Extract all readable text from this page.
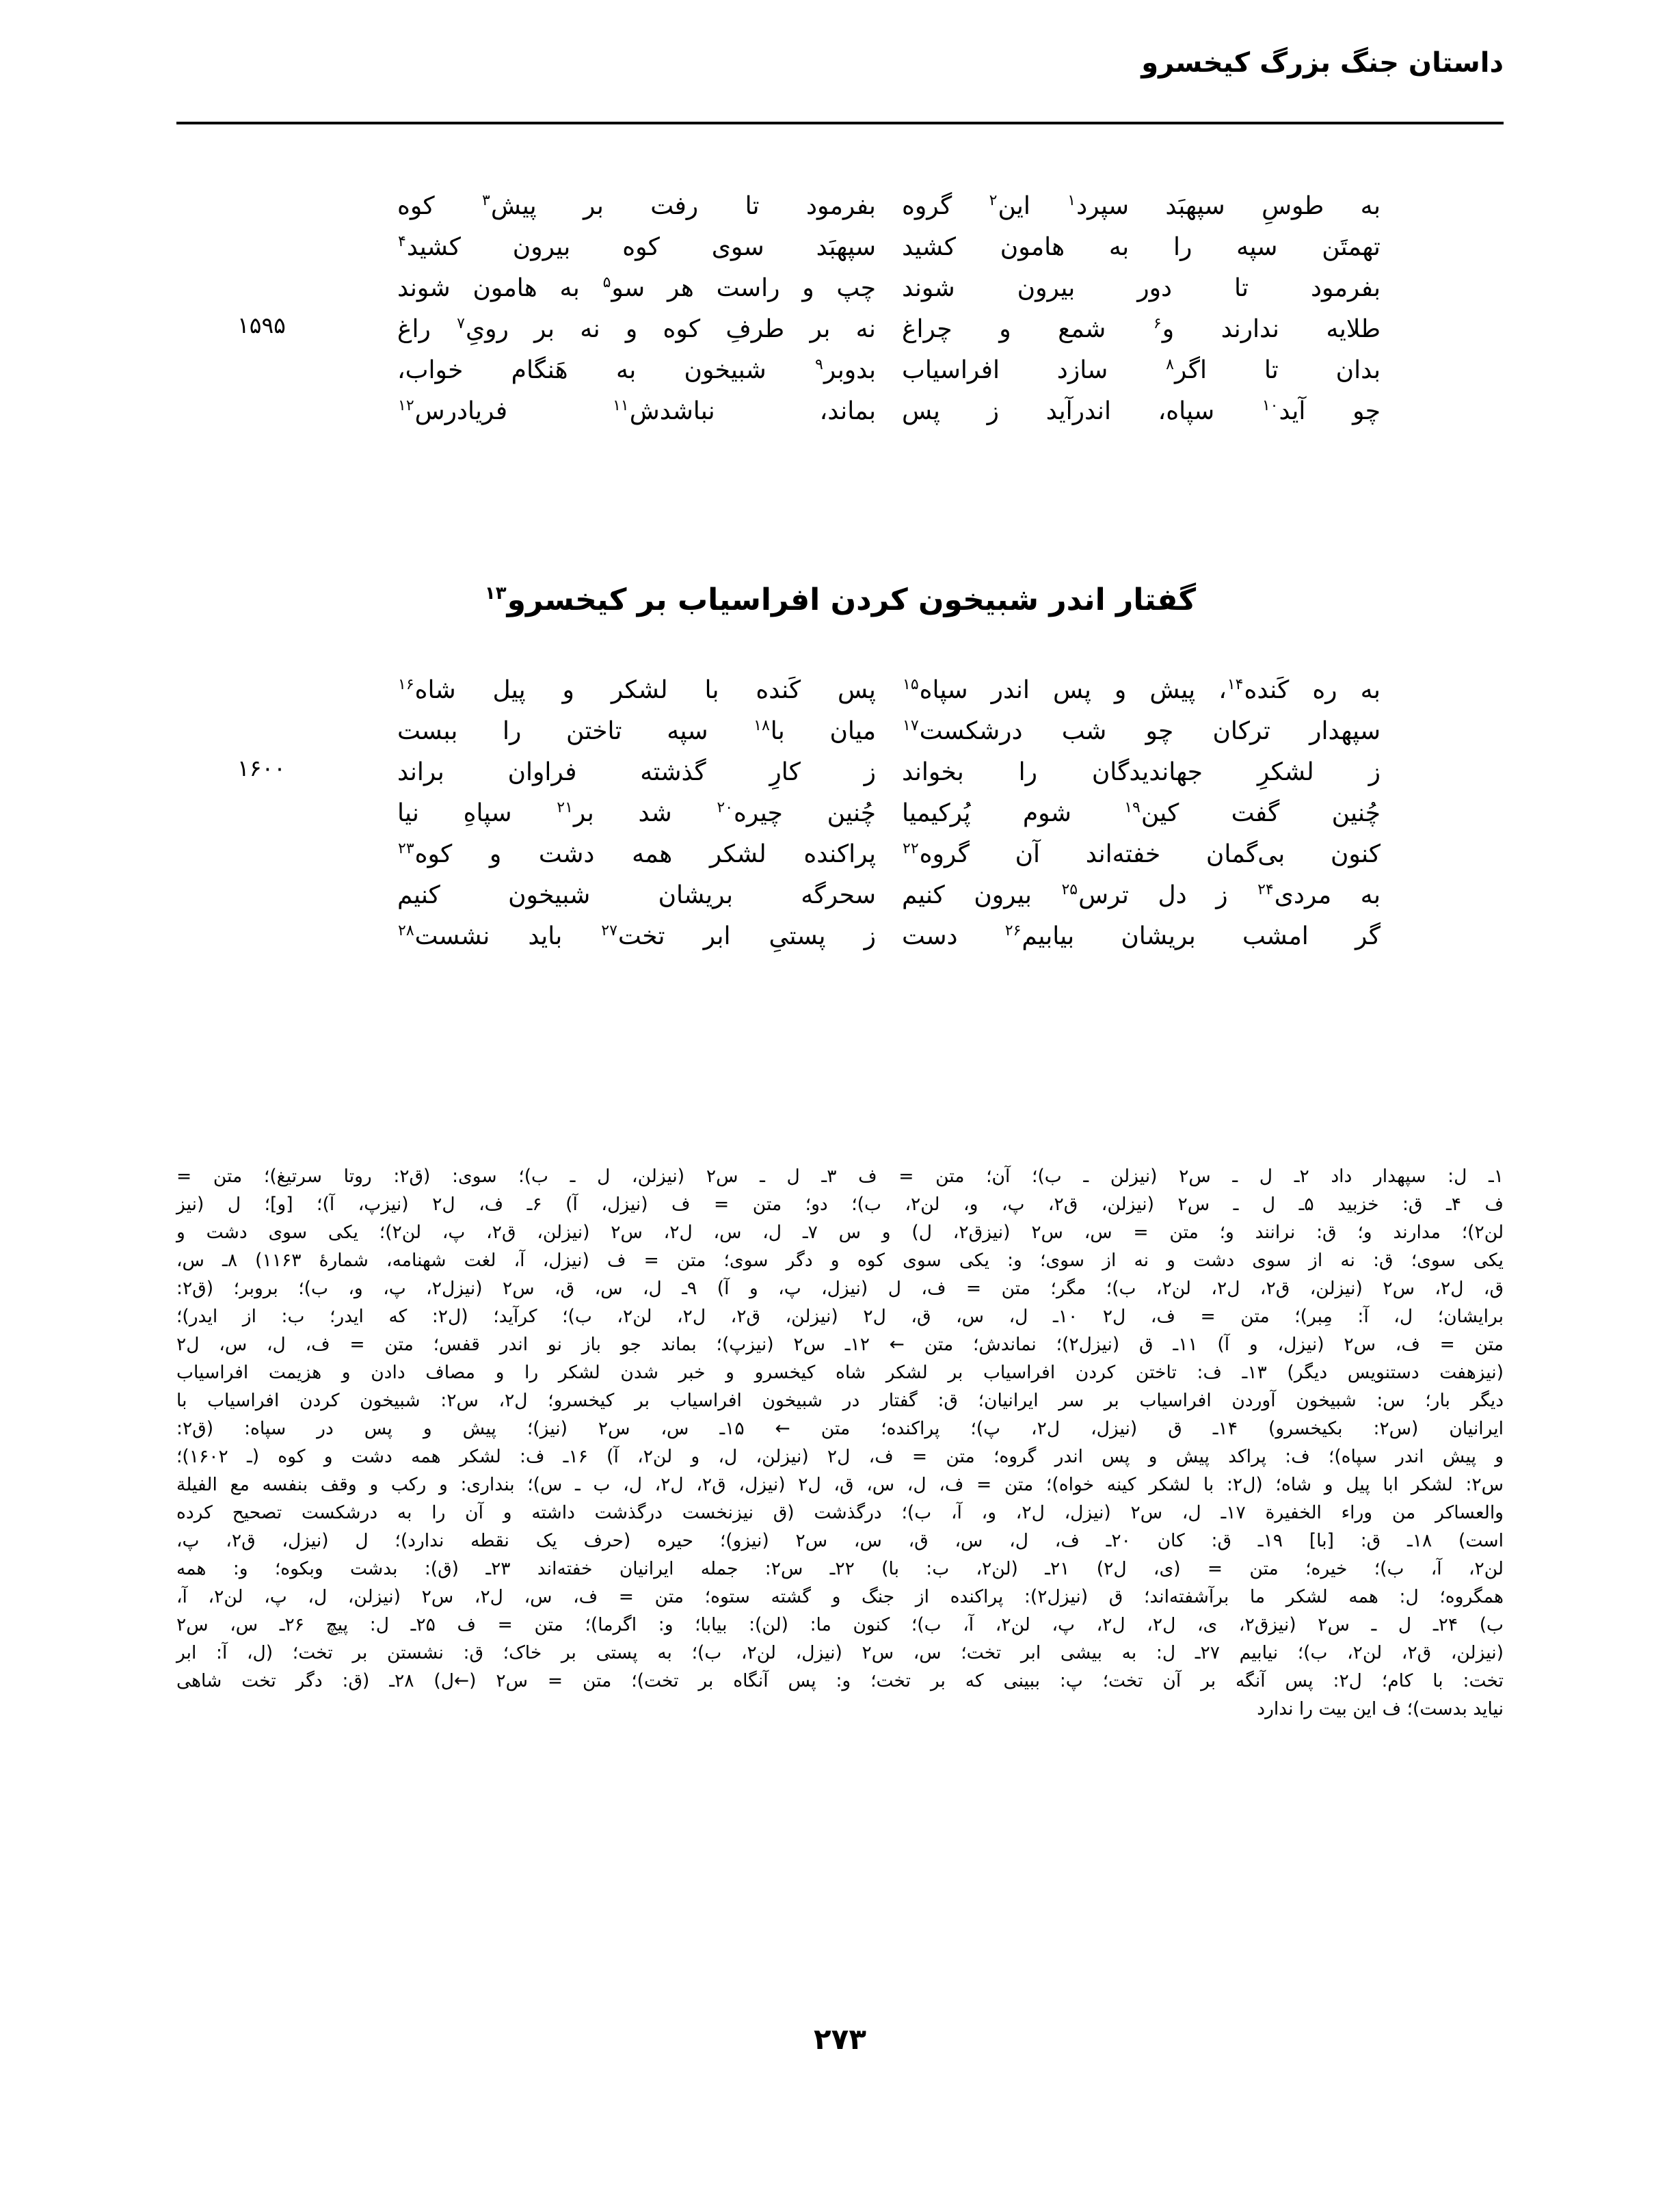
داستان جنگ بزرگ کیخسرو
به طوسِ سپهبَد سپرد$^۱$ این$^۲$ گروه
بفرمود تا رفت بر پیش$^۳$ کوه
تهمتَن سپه را به هامون کشید
سپهبَد سوی کوه بیرون کشید$^۴$
بفرمود تا دور بیرون شوند
چپ و راست هر سو$^۵$ به هامون شوند
۱۵۹۵	طلایه ندارند و$^۶$ شمع و چراغ
نه بر طرفِ کوه و نه بر رویِ$^۷$ راغ
بدان تا اگر$^۸$ سازد افراسیاب
بدوبر$^۹$ شبیخون به هَنگام خواب،
چو آید$^{۱۰}$ سپاه، اندرآید ز پس
بماند، نباشدش$^{۱۱}$ فریادرس$^{۱۲}$
گفتار اندر شبیخون کردن افراسیاب بر کیخسرو$^{۱۳}$
به ره کَنده$^{۱۴}$، پیش و پس اندر سپاه$^{۱۵}$
پس کَنده با لشکر و پیل شاه$^{۱۶}$
سپهدار ترکان چو شب درشکست$^{۱۷}$
میان با$^{۱۸}$ سپه تاختن را ببست
۱۶۰۰	ز لشکرِ جهاندیدگان را بخواند
ز کارِ گذشته فراوان براند
چُنین گفت کین$^{۱۹}$ شوم پُرکیمیا
چُنین چیره$^{۲۰}$ شد بر$^{۲۱}$ سپاهِ نیا
کنون بی‌گمان خفته‌اند آن گروه$^{۲۲}$
پراکنده لشکر همه دشت و کوه$^{۲۳}$
به مردی$^{۲۴}$ ز دل ترس$^{۲۵}$ بیرون کنیم
سحرگه بریشان شبیخون کنیم
گر امشب بریشان بیابیم$^{۲۶}$ دست
ز پستیِ ابر تخت$^{۲۷}$ باید نشست$^{۲۸}$
۱ـ ل: سپهدار داد ۲ـ ل ـ س٢ (نیزلن ـ ب)؛ آن؛ متن = ف ۳ـ ل ـ س٢ (نیزلن، ل ـ ب)؛ سوی: (ق٢: روتا سرتیغ)؛ متن =
ف ۴ـ ق: خزبید ۵ـ ل ـ س٢ (نیزلن، ق٢، پ، و، لن٢، ب)؛ دو؛ متن = ف (نیزل، آ) ۶ـ ف، ل٢ (نیزپ، آ)؛ [و]؛ ل (نیز
لن٢)؛ مدارند و؛ ق: نرانند و؛ متن = س، س٢ (نیزق٢، ل) و س ۷ـ ل، س، ل٢، س٢ (نیزلن، ق٢، پ، لن٢)؛ یکی سوی دشت و
یکی سوی؛ ق: نه از سوی دشت و نه از سوی؛ و: یکی سوی کوه و دگر سوی؛ متن = ف (نیزل، آ، لغت شهنامه، شمارهٔ ۱۱۶۳) ۸ـ س،
ق، ل٢، س٢ (نیزلن، ق٢، ل٢، لن٢، ب)؛ مگر؛ متن = ف، ل (نیزل، پ، و آ) ۹ـ ل، س، ق، س٢ (نیزل٢، پ، و، ب)؛ بروبر؛ (ق٢:
برایشان؛ ل، آ: مِبر)؛ متن = ف، ل٢ ۱۰ـ ل، س، ق، ل٢ (نیزلن، ق٢، ل٢، لن٢، ب)؛ کرآید؛ (ل٢: که ایدر؛ ب: از ایدر)؛
متن = ف، س٢ (نیزل، و آ) ۱۱ـ ق (نیزل٢)؛ نماندش؛ متن ← ۱۲ـ س٢ (نیزپ)؛ بماند جو باز نو اندر قفس؛ متن = ف، ل، س، ل٢
(نیزهفت دستنویس دیگر) ۱۳ـ ف: تاختن کردن افراسیاب بر لشکر شاه کیخسرو و خبر شدن لشکر را و مصاف دادن و هزیمت افراسیاب
دیگر بار؛ س: شبیخون آوردن افراسیاب بر سر ایرانیان؛ ق: گفتار در شبیخون افراسیاب بر کیخسرو؛ ل٢، س٢: شبیخون کردن افراسیاب با
ایرانیان (س٢: بکیخسرو) ۱۴ـ ق (نیزل، ل٢، پ)؛ پراکنده؛ متن ← ۱۵ـ س، س٢ (نیز)؛ پیش و پس در سپاه: (ق٢:
و پیش اندر سپاه)؛ ف: پراکد پیش و پس اندر گروه؛ متن = ف، ل٢ (نیزلن، ل، و لن٢، آ) ۱۶ـ ف: لشکر همه دشت و کوه (ـ ۱۶۰۲)؛
س٢: لشکر ابا پیل و شاه؛ (ل٢: با لشکر کینه خواه)؛ متن = ف، ل، س، ق، ل٢ (نیزل، ق٢، ل٢، ل، ب ـ س)؛ بنداری: و رکب و وقف بنفسه مع الفیلة
والعساکر من وراء الخفیرة ۱۷ـ ل، س٢ (نیزل، ل٢، و، آ، ب)؛ درگذشت (ق نیزنخست درگذشت داشته و آن را به درشکست تصحیح کرده
است) ۱۸ـ ق: [با] ۱۹ـ ق: کان ۲۰ـ ف، ل، س، ق، س، س٢ (نیزو)؛ حیره (حرف یک نقطه ندارد)؛ ل (نیزل، ق٢، پ،
لن٢، آ، ب)؛ خیره؛ متن = (ی، ل٢) ۲۱ـ (لن٢، ب: با) ۲۲ـ س٢: جمله ایرانیان خفته‌اند ۲۳ـ (ق): بدشت وبکوه؛ و: همه
همگروه؛ ل: همه لشکر ما برآشفته‌اند؛ ق (نیزل٢): پراکنده از جنگ و گشته ستوه؛ متن = ف، س، ل٢، س٢ (نیزلن، ل، پ، لن٢، آ،
ب) ۲۴ـ ل ـ س٢ (نیزق٢، ی، ل٢، ل٢، پ، لن٢، آ، ب)؛ کنون ما: (لن): بیابا؛ و: اگرما)؛ متن = ف ۲۵ـ ل: پیچ ۲۶ـ س، س٢
(نیزلن، ق٢، لن٢، ب)؛ نیابیم ۲۷ـ ل: به بیشی ابر تخت؛ س، س٢ (نیزل، لن٢، ب)؛ به پستی بر خاک؛ ق: نشستن بر تخت؛ (ل، آ: ابر
تخت: با کام؛ ل٢: پس آنگه بر آن تخت؛ پ: ببینی که بر تخت؛ و: پس آنگاه بر تخت)؛ متن = س٢ (←ل) ۲۸ـ (ق: دگر تخت شاهی
نیاید بدست)؛ ف این بیت را ندارد
۲۷۳
